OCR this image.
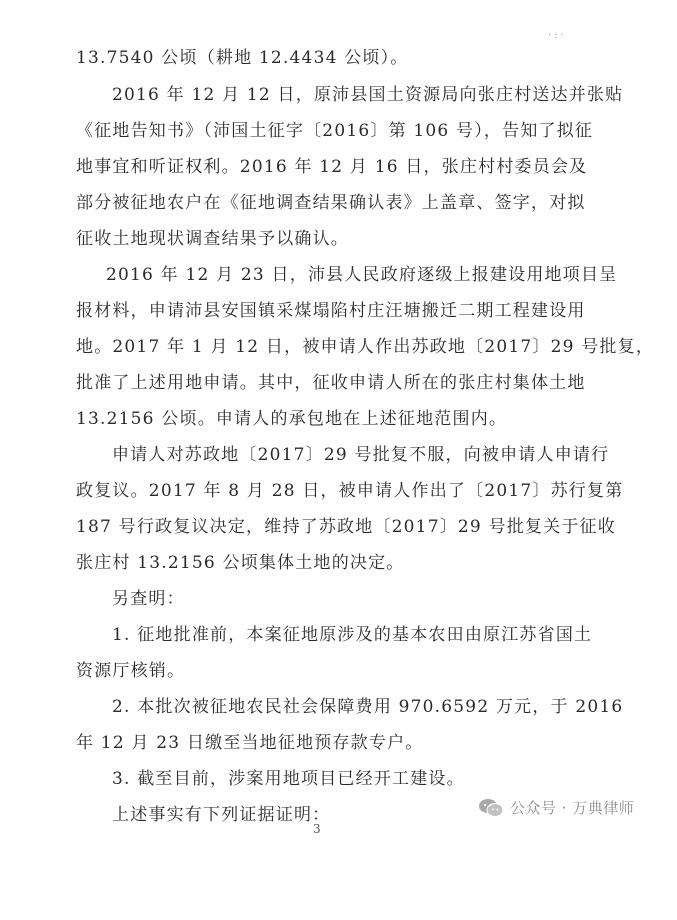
·:·
13.7540 公顷（耕地 12.4434 公顷）。
2016 年 12 月 12 日，原沛县国土资源局向张庄村送达并张贴
《征地告知书》（沛国土征字〔2016〕第 106 号），告知了拟征
地事宜和听证权利。2016 年 12 月 16 日，张庄村村委员会及
部分被征地农户在《征地调查结果确认表》上盖章、签字，对拟
征收土地现状调查结果予以确认。
2016 年 12 月 23 日，沛县人民政府逐级上报建设用地项目呈
报材料，申请沛县安国镇采煤塌陷村庄汪塘搬迁二期工程建设用
地。2017 年 1 月 12 日，被申请人作出苏政地〔2017〕29 号批复，
批准了上述用地申请。其中，征收申请人所在的张庄村集体土地
13.2156 公顷。申请人的承包地在上述征地范围内。
申请人对苏政地〔2017〕29 号批复不服，向被申请人申请行
政复议。2017 年 8 月 28 日，被申请人作出了〔2017〕苏行复第
187 号行政复议决定，维持了苏政地〔2017〕29 号批复关于征收
张庄村 13.2156 公顷集体土地的决定。
另查明：
1. 征地批准前，本案征地原涉及的基本农田由原江苏省国土
资源厅核销。
2. 本批次被征地农民社会保障费用 970.6592 万元，于 2016
年 12 月 23 日缴至当地征地预存款专户。
3. 截至目前，涉案用地项目已经开工建设。
上述事实有下列证据证明：
3
公众号 · 万典律师
